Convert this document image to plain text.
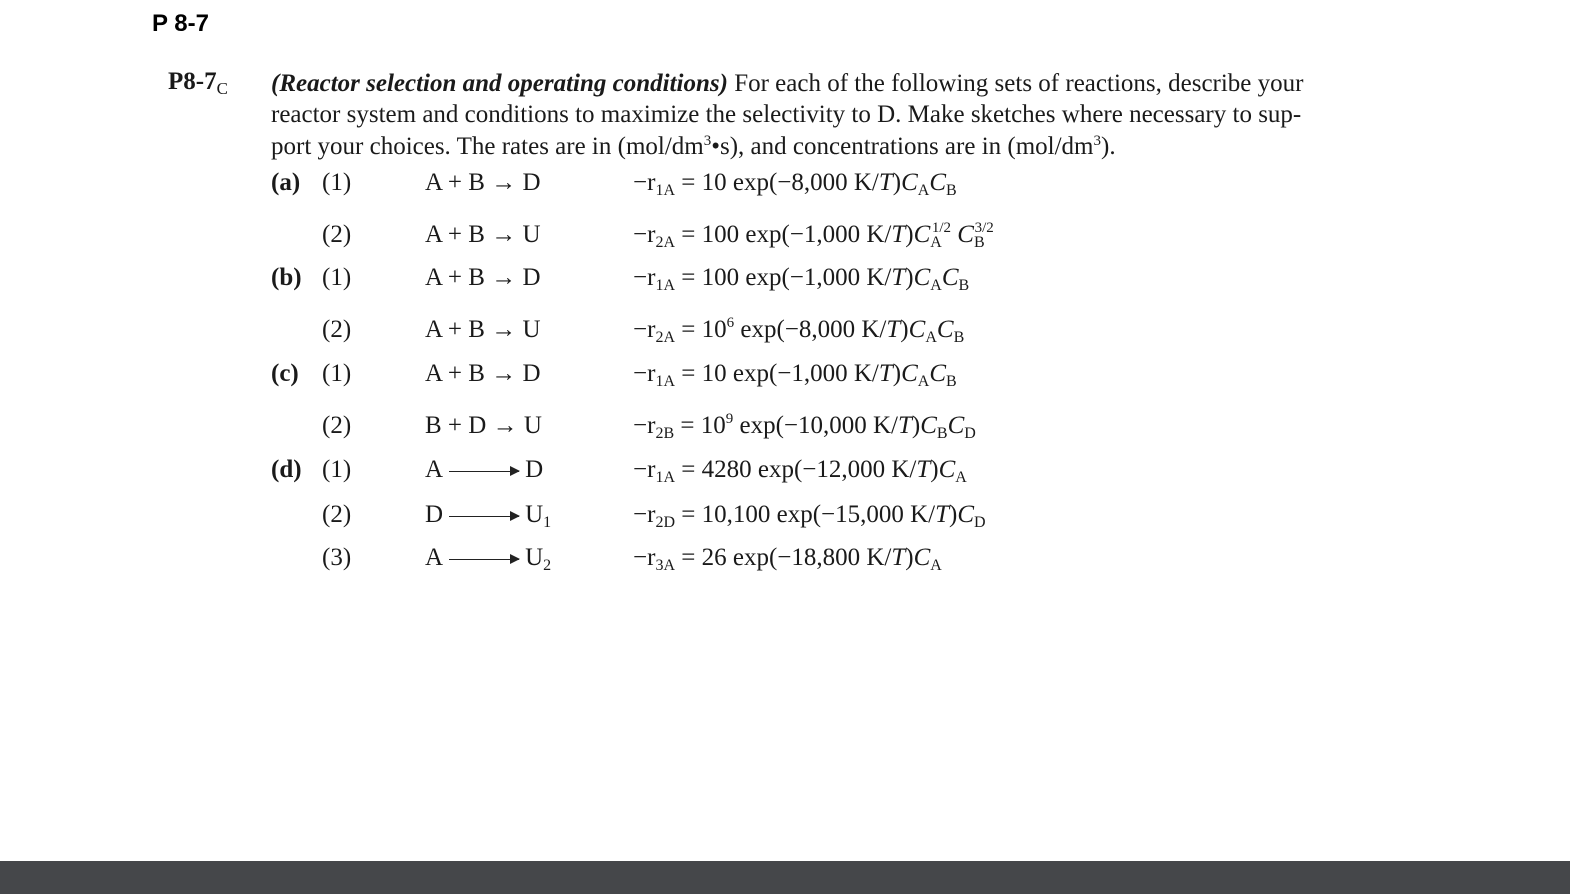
P 8-7
$P8-7_C$ (Reactor selection and operating conditions) For each of the following sets of reactions, describe your
reactor system and conditions to maximize the selectivity to D. Make sketches where necessary to sup-
port your choices. The rates are in $(mol/dm^3•s)$, and concentrations are in $(mol/dm^3)$.
(a) (1)	A + B → D	$-r_{1A} = 10$ exp(−8,000 $K/T)C_AC_B$
(2)	A + B → U	$-r_{2A} = 100$ exp(−1,000 $K/T)C_A^{1/2}$ $C_B^{3/2}$
(b) (1)	A + B → D	$-r_{1A} = 100$ exp(−1,000 $K/T)C_AC_B$
(2)	A + B → U	$-r_{2A} = 10^6$ exp(−8,000 $K/T)C_AC_B$
(c) (1)	A + B → D	$-r_{1A} = 10$ exp(−1,000 $K/T)C_AC_B$
(2)	B + D → U	$-r_{2B} = 10^9$ exp(−10,000 $K/T)C_BC_D$
(d) (1)	A → D	$-r_{1A} = 4280$ exp(−12,000 $K/T)C_A$
(2)	$D \to U_1$	$-r_{2D} = 10,100$ exp(−15,000 $K/T)C_D$
(3)	$A \to U_2$	$-r_{3A} = 26$ exp(−18,800 $K/T)C_A$
